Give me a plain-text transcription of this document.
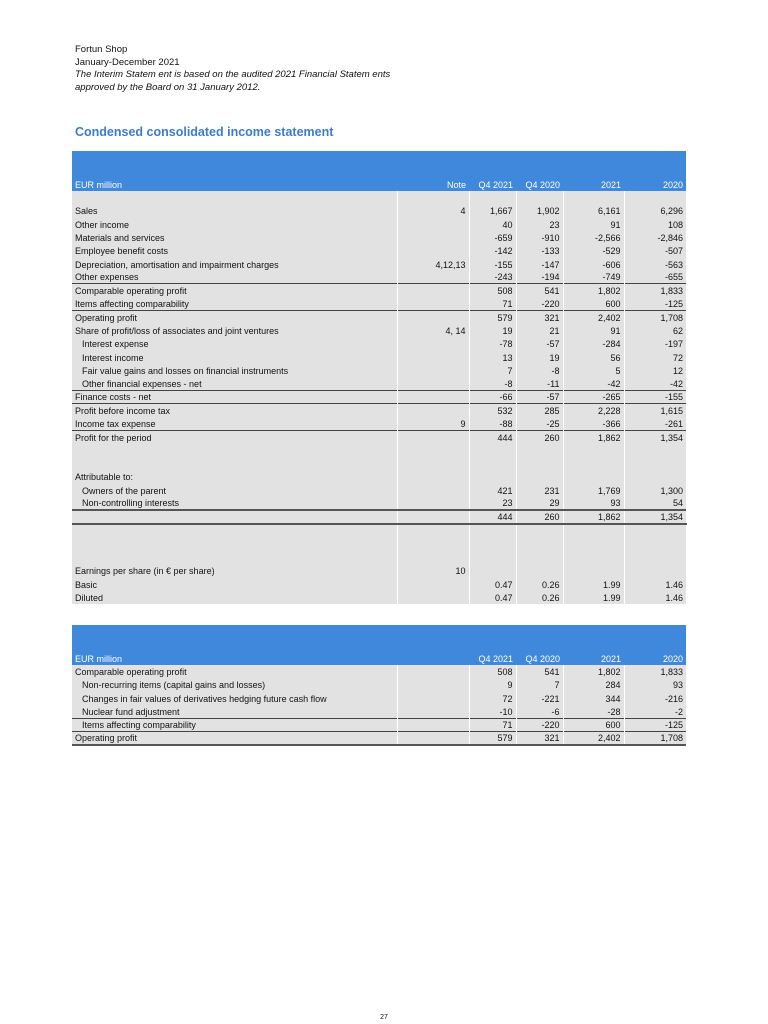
Fortun Shop
January-December 2021
The Interim Statem ent is based on the audited 2021 Financial Statem ents
approved by the Board on 31 January 2012.
Condensed consolidated income statement

EUR million	Note	Q4 2021	Q4 2020	2021	2020

Sales	4	1,667	1,902	6,161	6,296
Other income		40	23	91	108
Materials and services		-659	-910	-2,566	-2,846
Employee benefit costs		-142	-133	-529	-507
Depreciation, amortisation and impairment charges	4,12,13	-155	-147	-606	-563
Other expenses		-243	-194	-749	-655
Comparable operating profit		508	541	1,802	1,833
Items affecting comparability		71	-220	600	-125
Operating profit		579	321	2,402	1,708
Share of profit/loss of associates and joint ventures	4, 14	19	21	91	62
Interest expense		-78	-57	-284	-197
Interest income		13	19	56	72
Fair value gains and losses on financial instruments		7	-8	5	12
Other financial expenses - net		-8	-11	-42	-42
Finance costs - net		-66	-57	-265	-155
Profit before income tax		532	285	2,228	1,615
Income tax expense	9	-88	-25	-366	-261
Profit for the period		444	260	1,862	1,354

Attributable to:					
Owners of the parent		421	231	1,769	1,300
Non-controlling interests		23	29	93	54
		444	260	1,862	1,354

Earnings per share (in € per share)	10				
Basic		0.47	0.26	1.99	1.46
Diluted		0.47	0.26	1.99	1.46

EUR million		Q4 2021	Q4 2020	2021	2020
Comparable operating profit		508	541	1,802	1,833
Non-recurring items (capital gains and losses)		9	7	284	93
Changes in fair values of derivatives hedging future cash flow		72	-221	344	-216
Nuclear fund adjustment		-10	-6	-28	-2
Items affecting comparability		71	-220	600	-125
Operating profit		579	321	2,402	1,708
27
